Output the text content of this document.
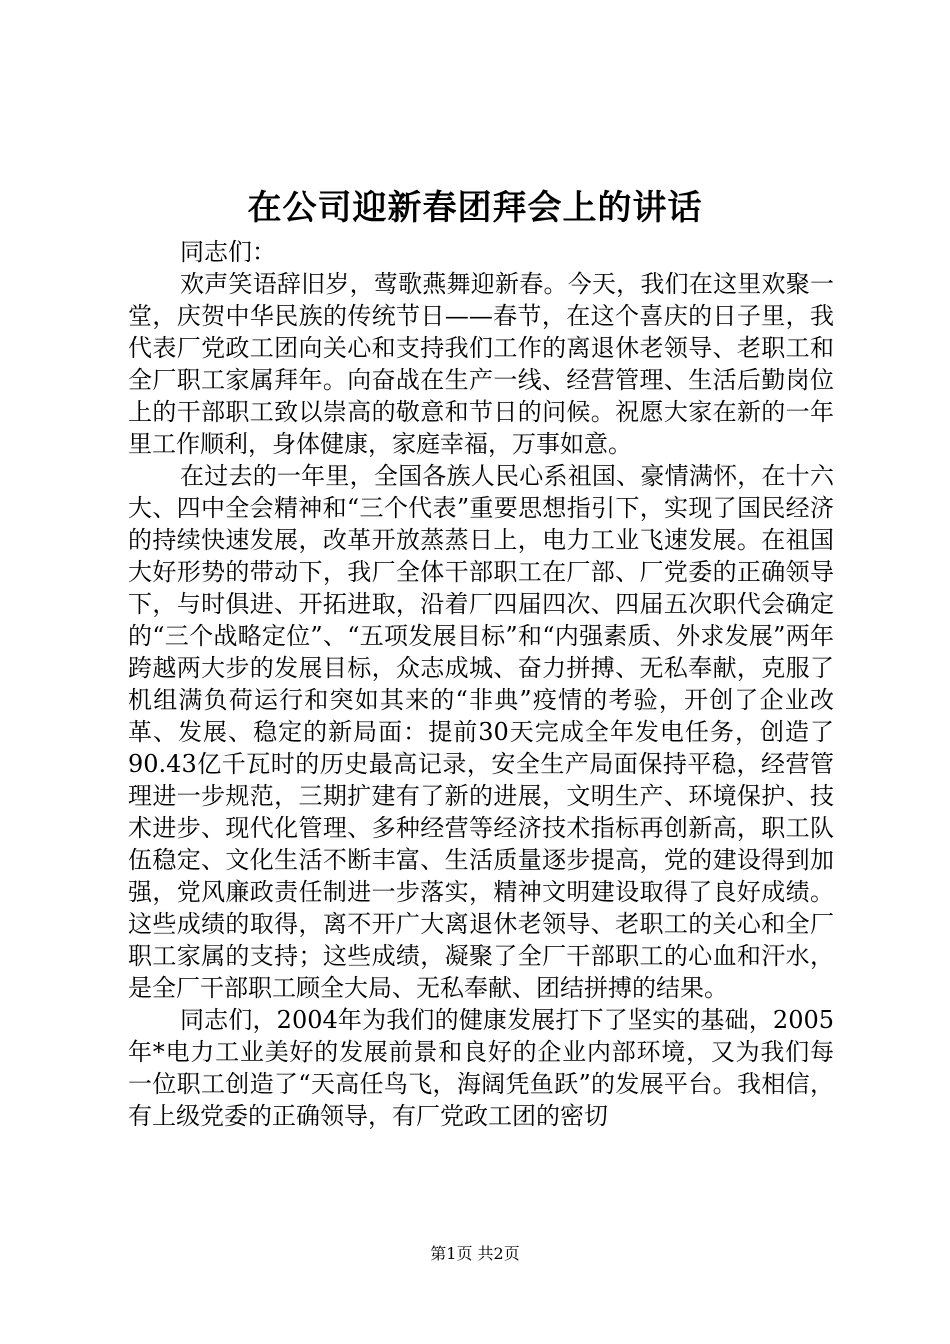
在公司迎新春团拜会上的讲话

同志们：

欢声笑语辞旧岁，莺歌燕舞迎新春。今天，我们在这里欢聚一堂，庆贺中华民族的传统节日——春节，在这个喜庆的日子里，我代表厂党政工团向关心和支持我们工作的离退休老领导、老职工和全厂职工家属拜年。向奋战在生产一线、经营管理、生活后勤岗位上的干部职工致以崇高的敬意和节日的问候。祝愿大家在新的一年里工作顺利，身体健康，家庭幸福，万事如意。

在过去的一年里，全国各族人民心系祖国、豪情满怀，在十六大、四中全会精神和“三个代表”重要思想指引下，实现了国民经济的持续快速发展，改革开放蒸蒸日上，电力工业飞速发展。在祖国大好形势的带动下，我厂全体干部职工在厂部、厂党委的正确领导下，与时俱进、开拓进取，沿着厂四届四次、四届五次职代会确定的“三个战略定位”、“五项发展目标”和“内强素质、外求发展”两年跨越两大步的发展目标，众志成城、奋力拼搏、无私奉献，克服了机组满负荷运行和突如其来的“非典”疫情的考验，开创了企业改革、发展、稳定的新局面：提前30天完成全年发电任务，创造了90.43亿千瓦时的历史最高记录，安全生产局面保持平稳，经营管理进一步规范，三期扩建有了新的进展，文明生产、环境保护、技术进步、现代化管理、多种经营等经济技术指标再创新高，职工队伍稳定、文化生活不断丰富、生活质量逐步提高，党的建设得到加强，党风廉政责任制进一步落实，精神文明建设取得了良好成绩。这些成绩的取得，离不开广大离退休老领导、老职工的关心和全厂职工家属的支持；这些成绩，凝聚了全厂干部职工的心血和汗水，是全厂干部职工顾全大局、无私奉献、团结拼搏的结果。

同志们，2004年为我们的健康发展打下了坚实的基础，2005年*电力工业美好的发展前景和良好的企业内部环境，又为我们每一位职工创造了“天高任鸟飞，海阔凭鱼跃”的发展平台。我相信，有上级党委的正确领导，有厂党政工团的密切

第1页 共2页
